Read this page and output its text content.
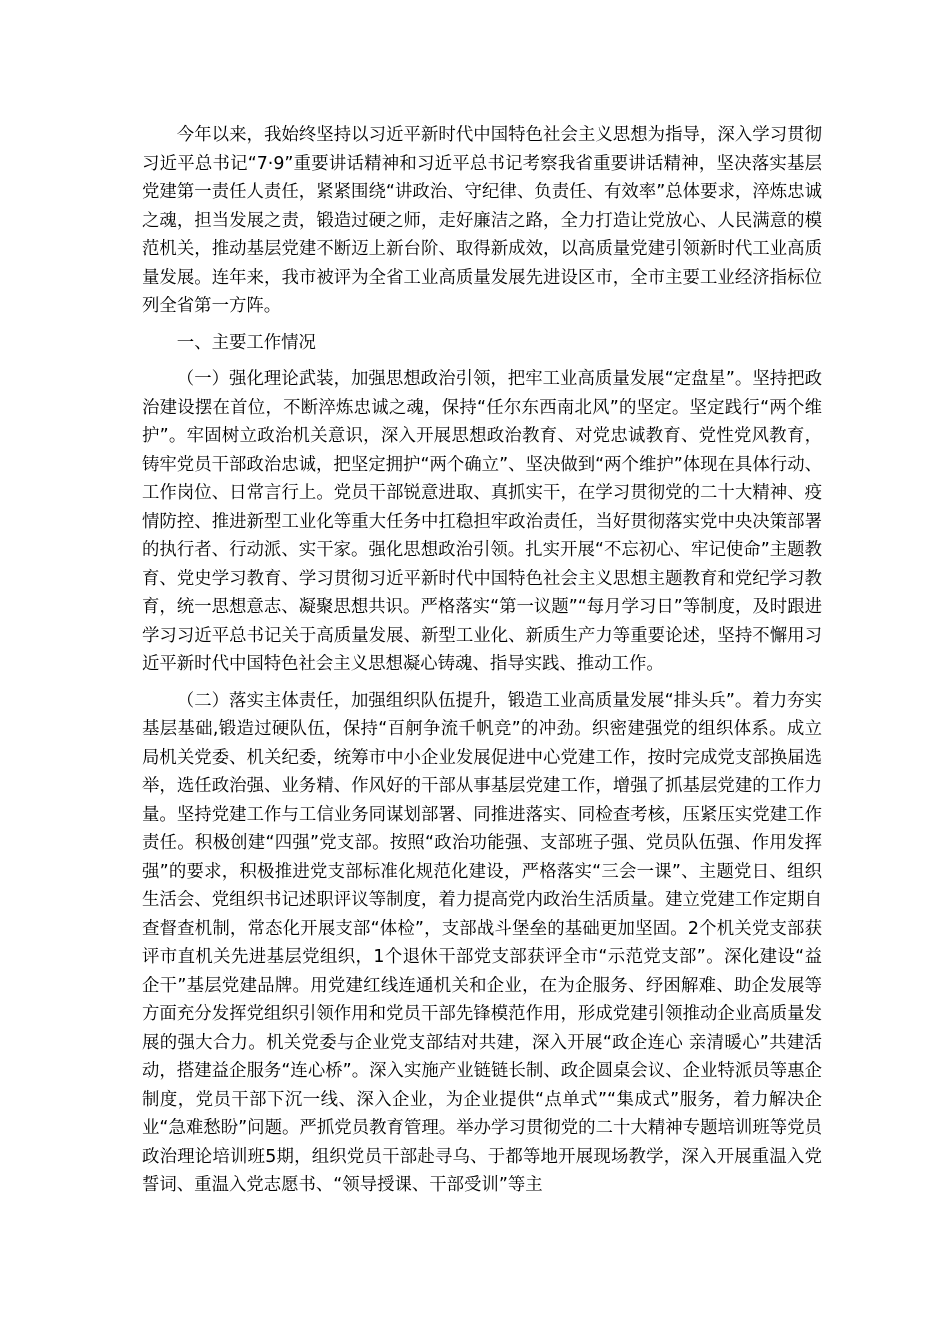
今年以来，我始终坚持以习近平新时代中国特色社会主义思想为指导，深入学习贯彻习近平总书记“7·9”重要讲话精神和习近平总书记考察我省重要讲话精神，坚决落实基层党建第一责任人责任，紧紧围绕“讲政治、守纪律、负责任、有效率”总体要求，淬炼忠诚之魂，担当发展之责，锻造过硬之师，走好廉洁之路，全力打造让党放心、人民满意的模范机关，推动基层党建不断迈上新台阶、取得新成效，以高质量党建引领新时代工业高质量发展。连年来，我市被评为全省工业高质量发展先进设区市，全市主要工业经济指标位列全省第一方阵。

一、主要工作情况

（一）强化理论武装，加强思想政治引领，把牢工业高质量发展“定盘星”。坚持把政治建设摆在首位，不断淬炼忠诚之魂，保持“任尔东西南北风”的坚定。坚定践行“两个维护”。牢固树立政治机关意识，深入开展思想政治教育、对党忠诚教育、党性党风教育，铸牢党员干部政治忠诚，把坚定拥护“两个确立”、坚决做到“两个维护”体现在具体行动、工作岗位、日常言行上。党员干部锐意进取、真抓实干，在学习贯彻党的二十大精神、疫情防控、推进新型工业化等重大任务中扛稳担牢政治责任，当好贯彻落实党中央决策部署的执行者、行动派、实干家。强化思想政治引领。扎实开展“不忘初心、牢记使命”主题教育、党史学习教育、学习贯彻习近平新时代中国特色社会主义思想主题教育和党纪学习教育，统一思想意志、凝聚思想共识。严格落实“第一议题”“每月学习日”等制度，及时跟进学习习近平总书记关于高质量发展、新型工业化、新质生产力等重要论述，坚持不懈用习近平新时代中国特色社会主义思想凝心铸魂、指导实践、推动工作。

（二）落实主体责任，加强组织队伍提升，锻造工业高质量发展“排头兵”。着力夯实基层基础,锻造过硬队伍，保持“百舸争流千帆竞”的冲劲。织密建强党的组织体系。成立局机关党委、机关纪委，统筹市中小企业发展促进中心党建工作，按时完成党支部换届选举，选任政治强、业务精、作风好的干部从事基层党建工作，增强了抓基层党建的工作力量。坚持党建工作与工信业务同谋划部署、同推进落实、同检查考核，压紧压实党建工作责任。积极创建“四强”党支部。按照“政治功能强、支部班子强、党员队伍强、作用发挥强”的要求，积极推进党支部标准化规范化建设，严格落实“三会一课”、主题党日、组织生活会、党组织书记述职评议等制度，着力提高党内政治生活质量。建立党建工作定期自查督查机制，常态化开展支部“体检”，支部战斗堡垒的基础更加坚固。2个机关党支部获评市直机关先进基层党组织，1个退休干部党支部获评全市“示范党支部”。深化建设“益企干”基层党建品牌。用党建红线连通机关和企业，在为企服务、纾困解难、助企发展等方面充分发挥党组织引领作用和党员干部先锋模范作用，形成党建引领推动企业高质量发展的强大合力。机关党委与企业党支部结对共建，深入开展“政企连心 亲清暖心”共建活动，搭建益企服务“连心桥”。深入实施产业链链长制、政企圆桌会议、企业特派员等惠企制度，党员干部下沉一线、深入企业，为企业提供“点单式”“集成式”服务，着力解决企业“急难愁盼”问题。严抓党员教育管理。举办学习贯彻党的二十大精神专题培训班等党员政治理论培训班5期，组织党员干部赴寻乌、于都等地开展现场教学，深入开展重温入党誓词、重温入党志愿书、“领导授课、干部受训”等主
